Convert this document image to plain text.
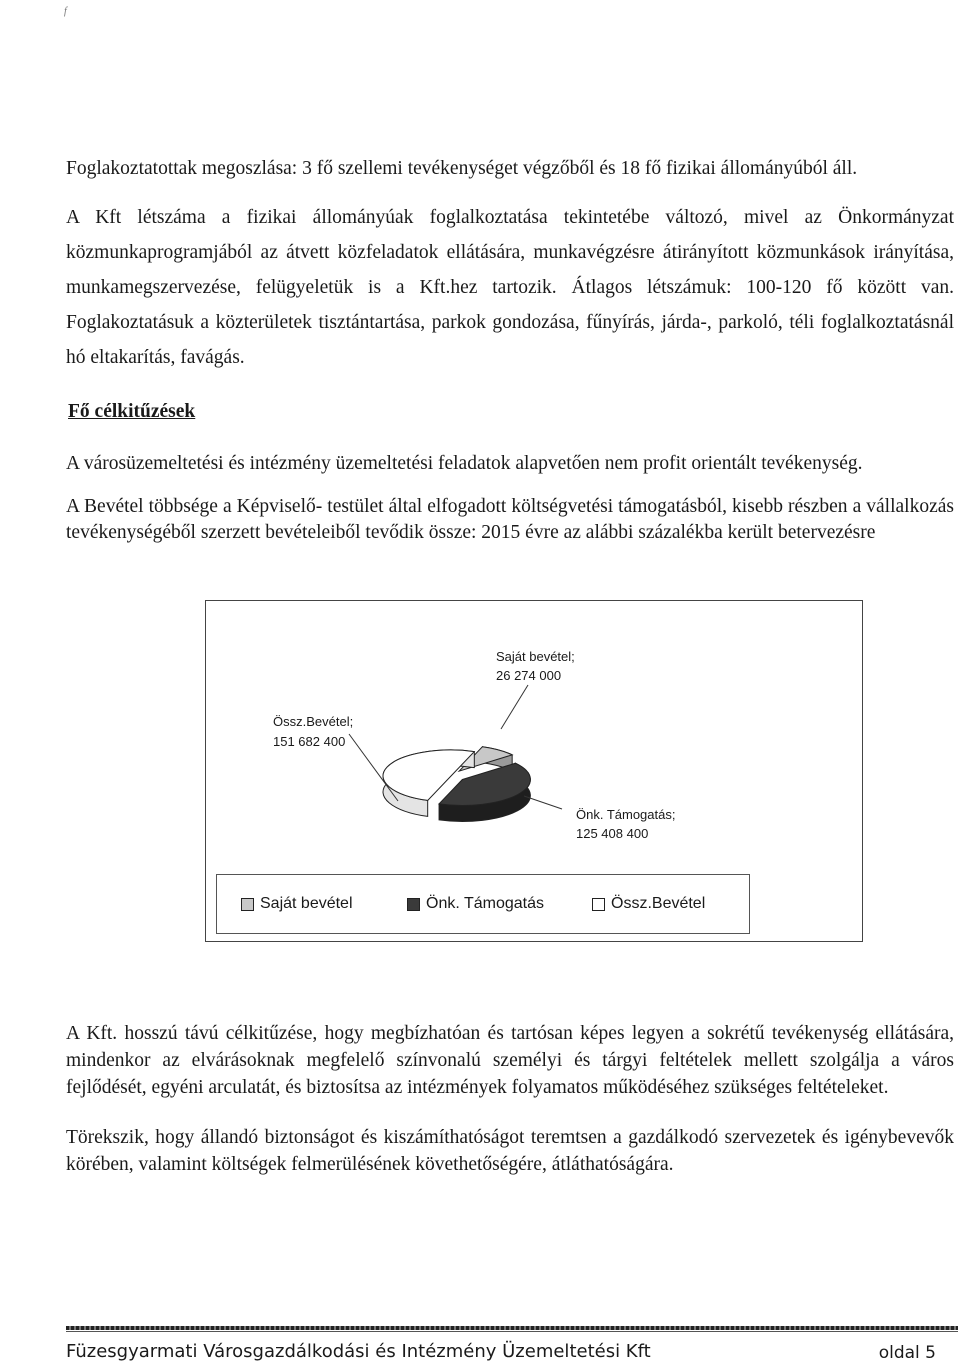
f

Foglakoztatottak megoszlása: 3 fő szellemi tevékenységet végzőből és 18 fő fizikai állományúból áll.

A Kft létszáma a fizikai állományúak foglalkoztatása tekintetébe változó, mivel az Önkormányzat közmunkaprogramjából az átvett közfeladatok ellátására, munkavégzésre átirányított közmunkások irányítása, munkamegszervezése, felügyeletük is a Kft.hez tartozik. Átlagos létszámuk: 100-120 fő között van. Foglakoztatásuk a közterületek tisztántartása, parkok gondozása, fűnyírás, járda-, parkoló, téli foglalkoztatásnál hó eltakarítás, favágás.

Fő célkitűzések

A városüzemeltetési és intézmény üzemeltetési feladatok alapvetően nem profit orientált tevékenység.

A Bevétel többsége a Képviselő- testület által elfogadott költségvetési támogatásból, kisebb részben a vállalkozás tevékenységéből szerzett bevételeiből tevődik össze: 2015 évre az alábbi százalékba került betervezésre

Saját bevétel;
26 274 000
Össz.Bevétel;
151 682 400
Önk. Támogatás;
125 408 400
Saját bevétel	Önk. Támogatás	Össz.Bevétel

A Kft. hosszú távú célkitűzése, hogy megbízhatóan és tartósan képes legyen a sokrétű tevékenység ellátására, mindenkor az elvárásoknak megfelelő színvonalú személyi és tárgyi feltételek mellett szolgálja a város fejlődését, egyéni arculatát, és biztosítsa az intézmények folyamatos működéséhez szükséges feltételeket.

Törekszik, hogy állandó biztonságot és kiszámíthatóságot teremtsen a gazdálkodó szervezetek és igénybevevők körében, valamint költségek felmerülésének követhetőségére, átláthatóságára.

Füzesgyarmati Városgazdálkodási és Intézmény Üzemeltetési Kft	oldal 5
